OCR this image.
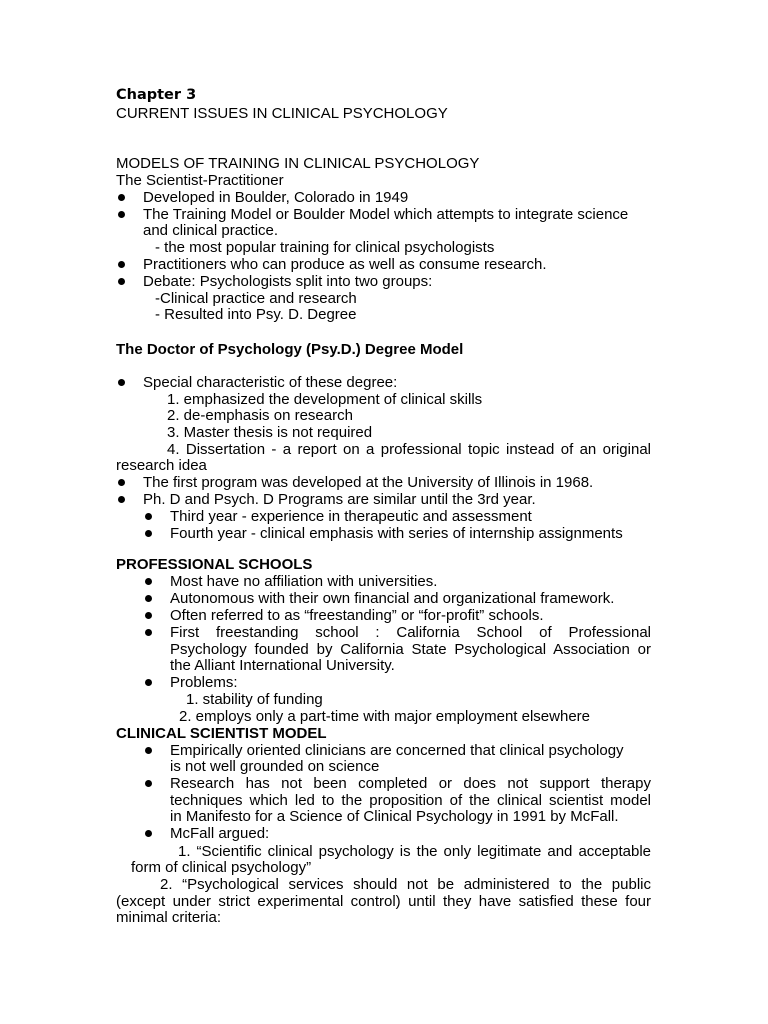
Chapter 3
CURRENT ISSUES IN CLINICAL PSYCHOLOGY
MODELS OF TRAINING IN CLINICAL PSYCHOLOGY
The Scientist-Practitioner
Developed in Boulder, Colorado in 1949
The Training Model or Boulder Model which attempts to integrate science
and clinical practice.
- the most popular training for clinical psychologists
Practitioners who can produce as well as consume research.
Debate: Psychologists split into two groups:
-Clinical practice and research
- Resulted into Psy. D. Degree
The Doctor of Psychology (Psy.D.) Degree Model
Special characteristic of these degree:
1. emphasized the development of clinical skills
2. de-emphasis on research
3. Master thesis is not required
4. Dissertation - a report on a professional topic instead of an original
research idea
The first program was developed at the University of Illinois in 1968.
Ph. D and Psych. D Programs are similar until the 3rd year.
Third year - experience in therapeutic and assessment
Fourth year - clinical emphasis with series of internship assignments
PROFESSIONAL SCHOOLS
Most have no affiliation with universities.
Autonomous with their own financial and organizational framework.
Often referred to as “freestanding” or “for-profit” schools.
First freestanding school : California School of Professional
Psychology founded by California State Psychological Association or
the Alliant International University.
Problems:
1. stability of funding
2. employs only a part-time with major employment elsewhere
CLINICAL SCIENTIST MODEL
Empirically oriented clinicians are concerned that clinical psychology
is not well grounded on science
Research has not been completed or does not support therapy
techniques which led to the proposition of the clinical scientist model
in Manifesto for a Science of Clinical Psychology in 1991 by McFall.
McFall argued:
1. “Scientific clinical psychology is the only legitimate and acceptable
form of clinical psychology”
2. “Psychological services should not be administered to the public
(except under strict experimental control) until they have satisfied these four
minimal criteria:
